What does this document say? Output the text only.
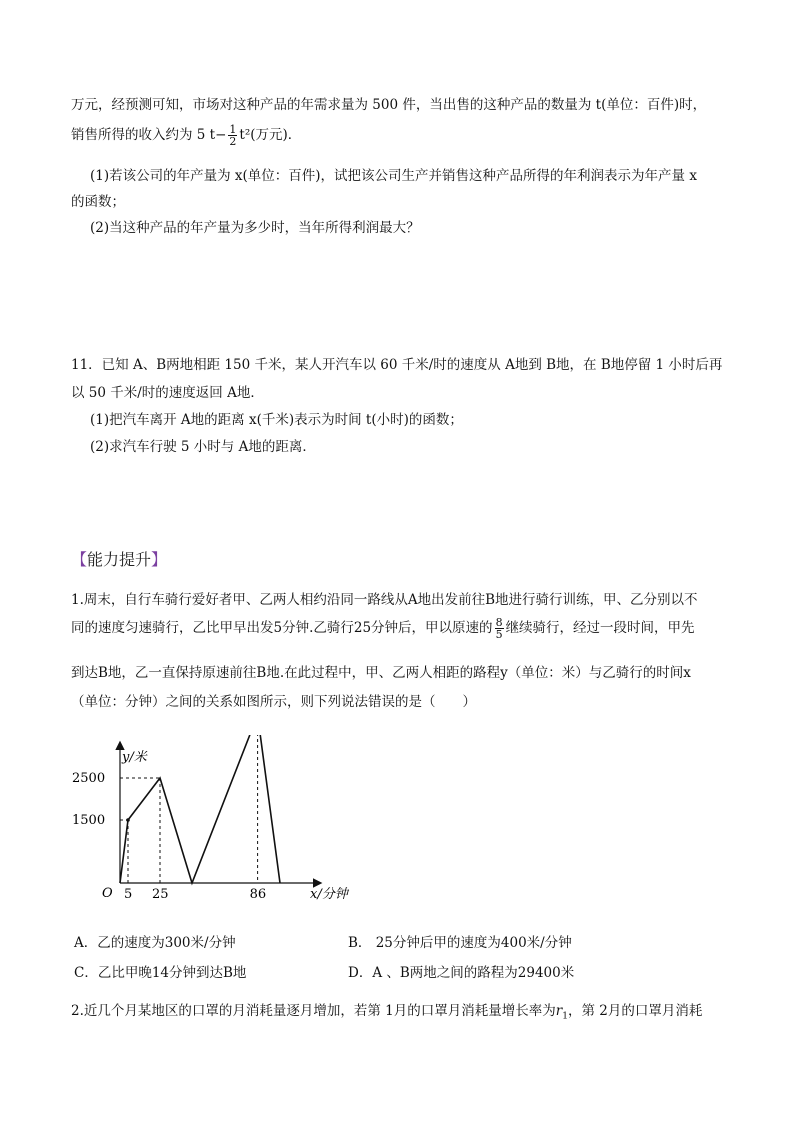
万元，经预测可知，市场对这种产品的年需求量为 500 件，当出售的这种产品的数量为 t(单位：百件)时，
销售所得的收入约为 5 $t- \frac{1}{2} t^2$(万元)．
(1)若该公司的年产量为 x(单位：百件)，试把该公司生产并销售这种产品所得的年利润表示为年产量 x
的函数；
(2)当这种产品的年产量为多少时，当年所得利润最大？
11．已知 A、B两地相距 150 千米，某人开汽车以 60 千米/时的速度从 A地到 B地，在 B地停留 1 小时后再
以 50 千米/时的速度返回 A地．
(1)把汽车离开 A地的距离 x(千米)表示为时间 t(小时)的函数；
(2)求汽车行驶 5 小时与 A地的距离．
【能力提升】
1.周末，自行车骑行爱好者甲、乙两人相约沿同一路线从A地出发前往B地进行骑行训练，甲、乙分别以不
同的速度匀速骑行，乙比甲早出发5分钟.乙骑行25分钟后，甲以原速的 $\frac{8}{5}$ 继续骑行，经过一段时间，甲先
到达B地，乙一直保持原速前往B地.在此过程中，甲、乙两人相距的路程y（单位：米）与乙骑行的时间x
（单位：分钟）之间的关系如图所示，则下列说法错误的是（　　）
O 5 25	86
1500
2500
y/米
x/分钟
A．乙的速度为300米/分钟	B． 25分钟后甲的速度为400米/分钟
C．乙比甲晚14分钟到达B地	D．A 、B两地之间的路程为29400米
2.近几个月某地区的口罩的月消耗量逐月增加，若第 1月的口罩月消耗量增长率为$r_1$，第 2月的口罩月消耗
